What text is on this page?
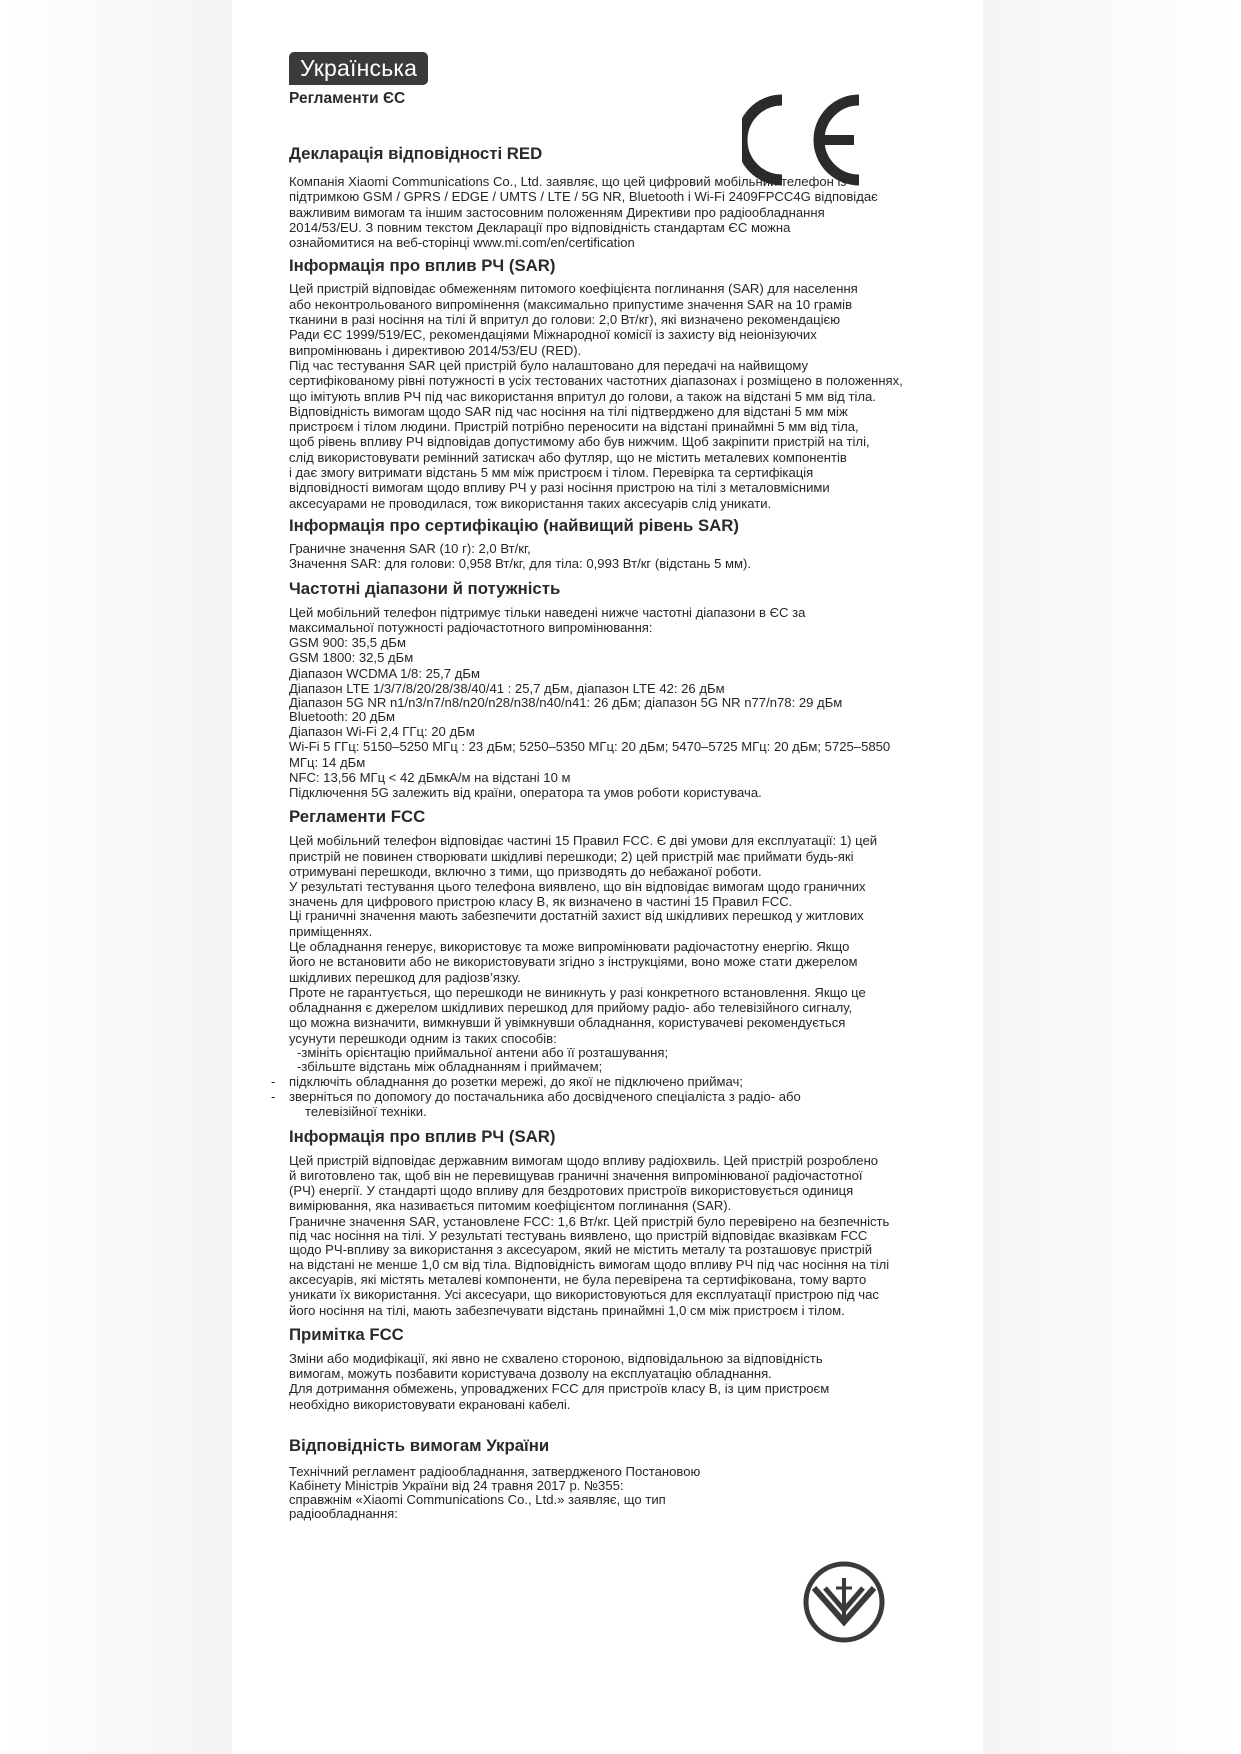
Українська
Регламенти ЄС
Декларація відповідності RED
Компанія Xiaomi Communications Co., Ltd. заявляє, що цей цифровий мобільний телефон із
підтримкою GSM / GPRS / EDGE / UMTS / LTE / 5G NR, Bluetooth і Wi-Fi 2409FPCC4G відповідає
важливим вимогам та іншим застосовним положенням Директиви про радіообладнання
2014/53/EU. З повним текстом Декларації про відповідність стандартам ЄС можна
ознайомитися на веб-сторінці www.mi.com/en/certification
Інформація про вплив РЧ (SAR)
Цей пристрій відповідає обмеженням питомого коефіцієнта поглинання (SAR) для населення
або неконтрольованого випромінення (максимально припустиме значення SAR на 10 грамів
тканини в разі носіння на тілі й впритул до голови: 2,0 Вт/кг), які визначено рекомендацією
Ради ЄС 1999/519/EC, рекомендаціями Міжнародної комісії із захисту від неіонізуючих
випромінювань і директивою 2014/53/EU (RED).
Під час тестування SAR цей пристрій було налаштовано для передачі на найвищому
сертифікованому рівні потужності в усіх тестованих частотних діапазонах і розміщено в положеннях,
що імітують вплив РЧ під час використання впритул до голови, а також на відстані 5 мм від тіла.
Відповідність вимогам щодо SAR під час носіння на тілі підтверджено для відстані 5 мм між
пристроєм і тілом людини. Пристрій потрібно переносити на відстані принаймні 5 мм від тіла,
щоб рівень впливу РЧ відповідав допустимому або був нижчим. Щоб закріпити пристрій на тілі,
слід використовувати ремінний затискач або футляр, що не містить металевих компонентів
і дає змогу витримати відстань 5 мм між пристроєм і тілом. Перевірка та сертифікація
відповідності вимогам щодо впливу РЧ у разі носіння пристрою на тілі з металовмісними
аксесуарами не проводилася, тож використання таких аксесуарів слід уникати.
Інформація про сертифікацію (найвищий рівень SAR)
Граничне значення SAR (10 г): 2,0 Вт/кг,
Значення SAR: для голови: 0,958 Вт/кг, для тіла: 0,993 Вт/кг (відстань 5 мм).
Частотні діапазони й потужність
Цей мобільний телефон підтримує тільки наведені нижче частотні діапазони в ЄС за
максимальної потужності радіочастотного випромінювання:
GSM 900: 35,5 дБм
GSM 1800: 32,5 дБм
Діапазон WCDMA 1/8: 25,7 дБм
Діапазон LTE 1/3/7/8/20/28/38/40/41 : 25,7 дБм, діапазон LTE 42: 26 дБм
Діапазон 5G NR n1/n3/n7/n8/n20/n28/n38/n40/n41: 26 дБм; діапазон 5G NR n77/n78: 29 дБм
Bluetooth: 20 дБм
Діапазон Wi-Fi 2,4 ГГц: 20 дБм
Wi-Fi 5 ГГц: 5150–5250 МГц : 23 дБм; 5250–5350 МГц: 20 дБм; 5470–5725 МГц: 20 дБм; 5725–5850
МГц: 14 дБм
NFC: 13,56 МГц < 42 дБмкА/м на відстані 10 м
Підключення 5G залежить від країни, оператора та умов роботи користувача.
Регламенти FCC
Цей мобільний телефон відповідає частині 15 Правил FCC. Є дві умови для експлуатації: 1) цей
пристрій не повинен створювати шкідливі перешкоди; 2) цей пристрій має приймати будь-які
отримувані перешкоди, включно з тими, що призводять до небажаної роботи.
У результаті тестування цього телефона виявлено, що він відповідає вимогам щодо граничних
значень для цифрового пристрою класу B, як визначено в частині 15 Правил FCC.
Ці граничні значення мають забезпечити достатній захист від шкідливих перешкод у житлових
приміщеннях.
Це обладнання генерує, використовує та може випромінювати радіочастотну енергію. Якщо
його не встановити або не використовувати згідно з інструкціями, воно може стати джерелом
шкідливих перешкод для радіозв’язку.
Проте не гарантується, що перешкоди не виникнуть у разі конкретного встановлення. Якщо це
обладнання є джерелом шкідливих перешкод для прийому радіо- або телевізійного сигналу,
що можна визначити, вимкнувши й увімкнувши обладнання, користувачеві рекомендується
усунути перешкоди одним із таких способів:
-змініть орієнтацію приймальної антени або її розташування;
-збільште відстань між обладнанням і приймачем;
- підключіть обладнання до розетки мережі, до якої не підключено приймач;
- зверніться по допомогу до постачальника або досвідченого спеціаліста з радіо- або
телевізійної техніки.
Інформація про вплив РЧ (SAR)
Цей пристрій відповідає державним вимогам щодо впливу радіохвиль. Цей пристрій розроблено
й виготовлено так, щоб він не перевищував граничні значення випромінюваної радіочастотної
(РЧ) енергії. У стандарті щодо впливу для бездротових пристроїв використовується одиниця
вимірювання, яка називається питомим коефіцієнтом поглинання (SAR).
Граничне значення SAR, установлене FCC: 1,6 Вт/кг. Цей пристрій було перевірено на безпечність
під час носіння на тілі. У результаті тестувань виявлено, що пристрій відповідає вказівкам FCC
щодо РЧ-впливу за використання з аксесуаром, який не містить металу та розташовує пристрій
на відстані не менше 1,0 см від тіла. Відповідність вимогам щодо впливу РЧ під час носіння на тілі
аксесуарів, які містять металеві компоненти, не була перевірена та сертифікована, тому варто
уникати їх використання. Усі аксесуари, що використовуються для експлуатації пристрою під час
його носіння на тілі, мають забезпечувати відстань принаймні 1,0 см між пристроєм і тілом.
Примітка FCC
Зміни або модифікації, які явно не схвалено стороною, відповідальною за відповідність
вимогам, можуть позбавити користувача дозволу на експлуатацію обладнання.
Для дотримання обмежень, упроваджених FCC для пристроїв класу B, із цим пристроєм
необхідно використовувати екрановані кабелі.
Відповідність вимогам України
Технічний регламент радіообладнання, затвердженого Постановою
Кабінету Міністрів України від 24 травня 2017 р. №355:
справжнім «Xiaomi Communications Co., Ltd.» заявляє, що тип
радіообладнання:
